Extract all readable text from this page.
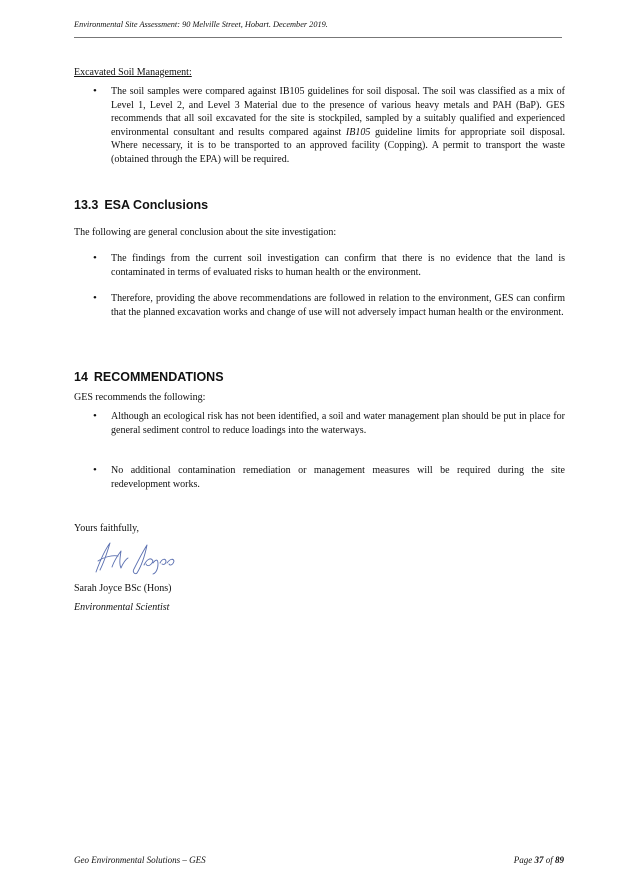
Environmental Site Assessment: 90 Melville Street, Hobart. December 2019.
Excavated Soil Management:
• The soil samples were compared against IB105 guidelines for soil disposal. The soil was classified as a mix of Level 1, Level 2, and Level 3 Material due to the presence of various heavy metals and PAH (BaP). GES recommends that all soil excavated for the site is stockpiled, sampled by a suitably qualified and experienced environmental consultant and results compared against IB105 guideline limits for appropriate soil disposal. Where necessary, it is to be transported to an approved facility (Copping). A permit to transport the waste (obtained through the EPA) will be required.
13.3 ESA Conclusions
The following are general conclusion about the site investigation:
• The findings from the current soil investigation can confirm that there is no evidence that the land is contaminated in terms of evaluated risks to human health or the environment.
• Therefore, providing the above recommendations are followed in relation to the environment, GES can confirm that the planned excavation works and change of use will not adversely impact human health or the environment.
14 RECOMMENDATIONS
GES recommends the following:
• Although an ecological risk has not been identified, a soil and water management plan should be put in place for general sediment control to reduce loadings into the waterways.
• No additional contamination remediation or management measures will be required during the site redevelopment works.
Yours faithfully,
Sarah Joyce BSc (Hons)
Environmental Scientist
Geo Environmental Solutions – GES	Page 37 of 89
